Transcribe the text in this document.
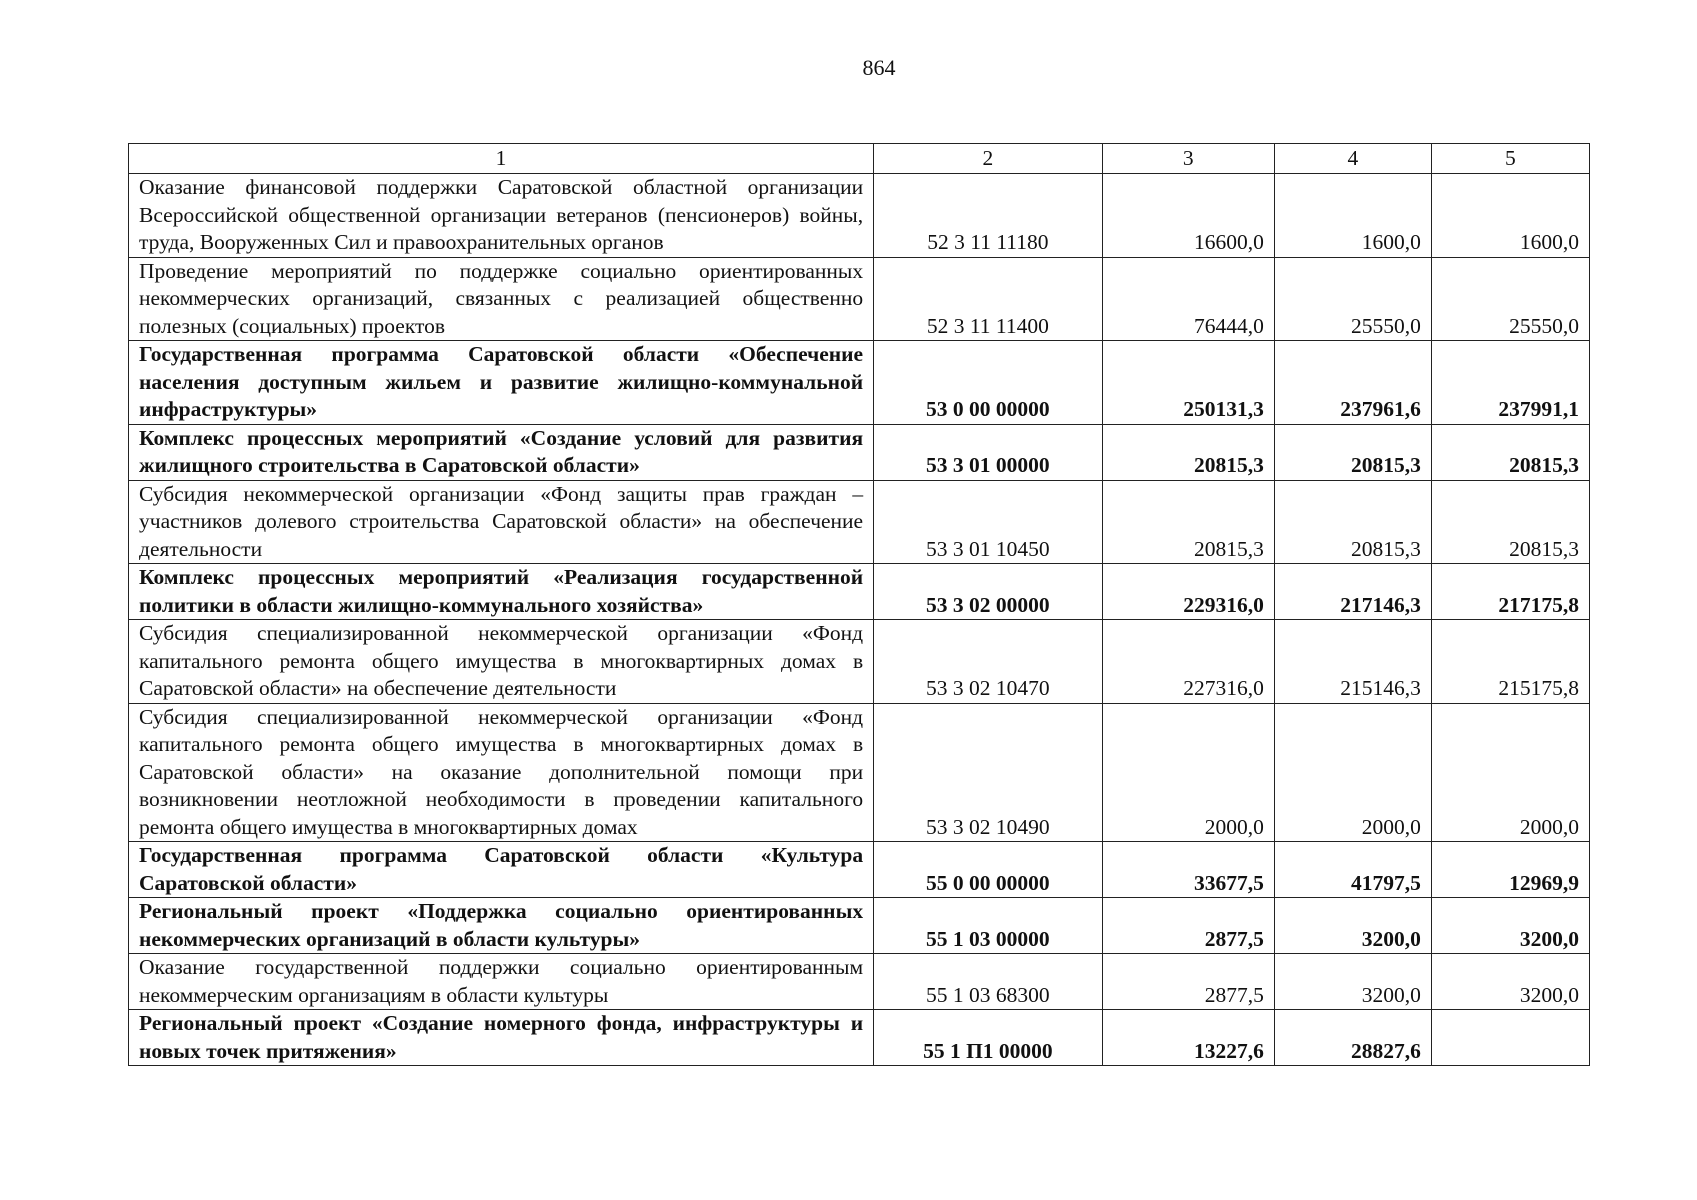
864
1	2	3	4	5
Оказание финансовой поддержки Саратовской областной организации Всероссийской общественной организации ветеранов (пенсионеров) войны, труда, Вооруженных Сил и правоохранительных органов	52 3 11 11180	16600,0	1600,0	1600,0
Проведение мероприятий по поддержке социально ориентированных некоммерческих организаций, связанных с реализацией общественно полезных (социальных) проектов	52 3 11 11400	76444,0	25550,0	25550,0
Государственная программа Саратовской области «Обеспечение населения доступным жильем и развитие жилищно-коммунальной инфраструктуры»	53 0 00 00000	250131,3	237961,6	237991,1
Комплекс процессных мероприятий «Создание условий для развития жилищного строительства в Саратовской области»	53 3 01 00000	20815,3	20815,3	20815,3
Субсидия некоммерческой организации «Фонд защиты прав граждан – участников долевого строительства Саратовской области» на обеспечение деятельности	53 3 01 10450	20815,3	20815,3	20815,3
Комплекс процессных мероприятий «Реализация государственной политики в области жилищно-коммунального хозяйства»	53 3 02 00000	229316,0	217146,3	217175,8
Субсидия специализированной некоммерческой организации «Фонд капитального ремонта общего имущества в многоквартирных домах в Саратовской области» на обеспечение деятельности	53 3 02 10470	227316,0	215146,3	215175,8
Субсидия специализированной некоммерческой организации «Фонд капитального ремонта общего имущества в многоквартирных домах в Саратовской области» на оказание дополнительной помощи при возникновении неотложной необходимости в проведении капитального ремонта общего имущества в многоквартирных домах	53 3 02 10490	2000,0	2000,0	2000,0
Государственная программа Саратовской области «Культура Саратовской области»	55 0 00 00000	33677,5	41797,5	12969,9
Региональный проект «Поддержка социально ориентированных некоммерческих организаций в области культуры»	55 1 03 00000	2877,5	3200,0	3200,0
Оказание государственной поддержки социально ориентированным некоммерческим организациям в области культуры	55 1 03 68300	2877,5	3200,0	3200,0
Региональный проект «Создание номерного фонда, инфраструктуры и новых точек притяжения»	55 1 П1 00000	13227,6	28827,6	
